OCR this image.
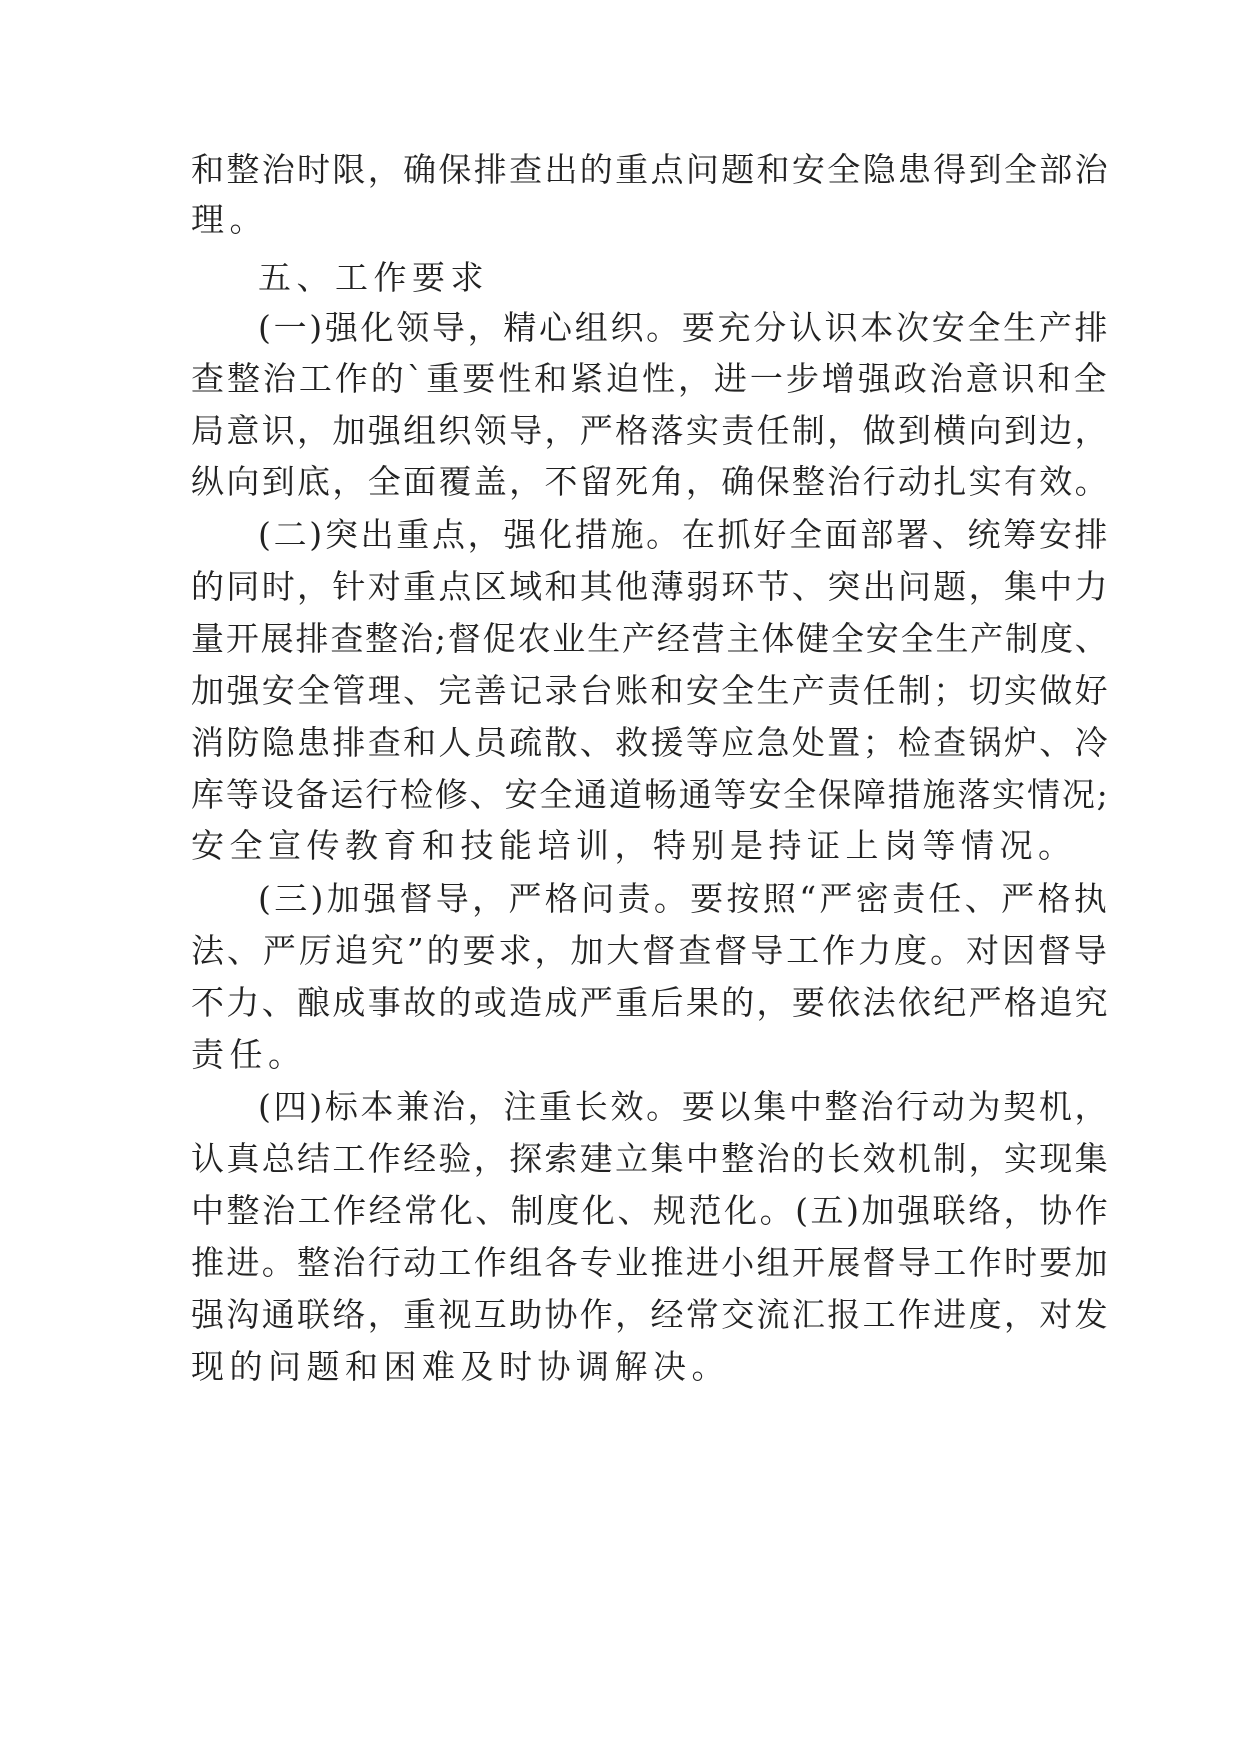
和整治时限，确保排查出的重点问题和安全隐患得到全部治

理。

五、工作要求

(一)强化领导，精心组织。要充分认识本次安全生产排

查整治工作的`重要性和紧迫性，进一步增强政治意识和全

局意识，加强组织领导，严格落实责任制，做到横向到边，

纵向到底，全面覆盖，不留死角，确保整治行动扎实有效。

(二)突出重点，强化措施。在抓好全面部署、统筹安排

的同时，针对重点区域和其他薄弱环节、突出问题，集中力

量开展排查整治;督促农业生产经营主体健全安全生产制度、

加强安全管理、完善记录台账和安全生产责任制；切实做好

消防隐患排查和人员疏散、救援等应急处置；检查锅炉、冷

库等设备运行检修、安全通道畅通等安全保障措施落实情况;

安全宣传教育和技能培训，特别是持证上岗等情况。

(三)加强督导，严格问责。要按照“严密责任、严格执

法、严厉追究”的要求，加大督查督导工作力度。对因督导

不力、酿成事故的或造成严重后果的，要依法依纪严格追究

责任。

(四)标本兼治，注重长效。要以集中整治行动为契机，

认真总结工作经验，探索建立集中整治的长效机制，实现集

中整治工作经常化、制度化、规范化。(五)加强联络，协作

推进。整治行动工作组各专业推进小组开展督导工作时要加

强沟通联络，重视互助协作，经常交流汇报工作进度，对发

现的问题和困难及时协调解决。
